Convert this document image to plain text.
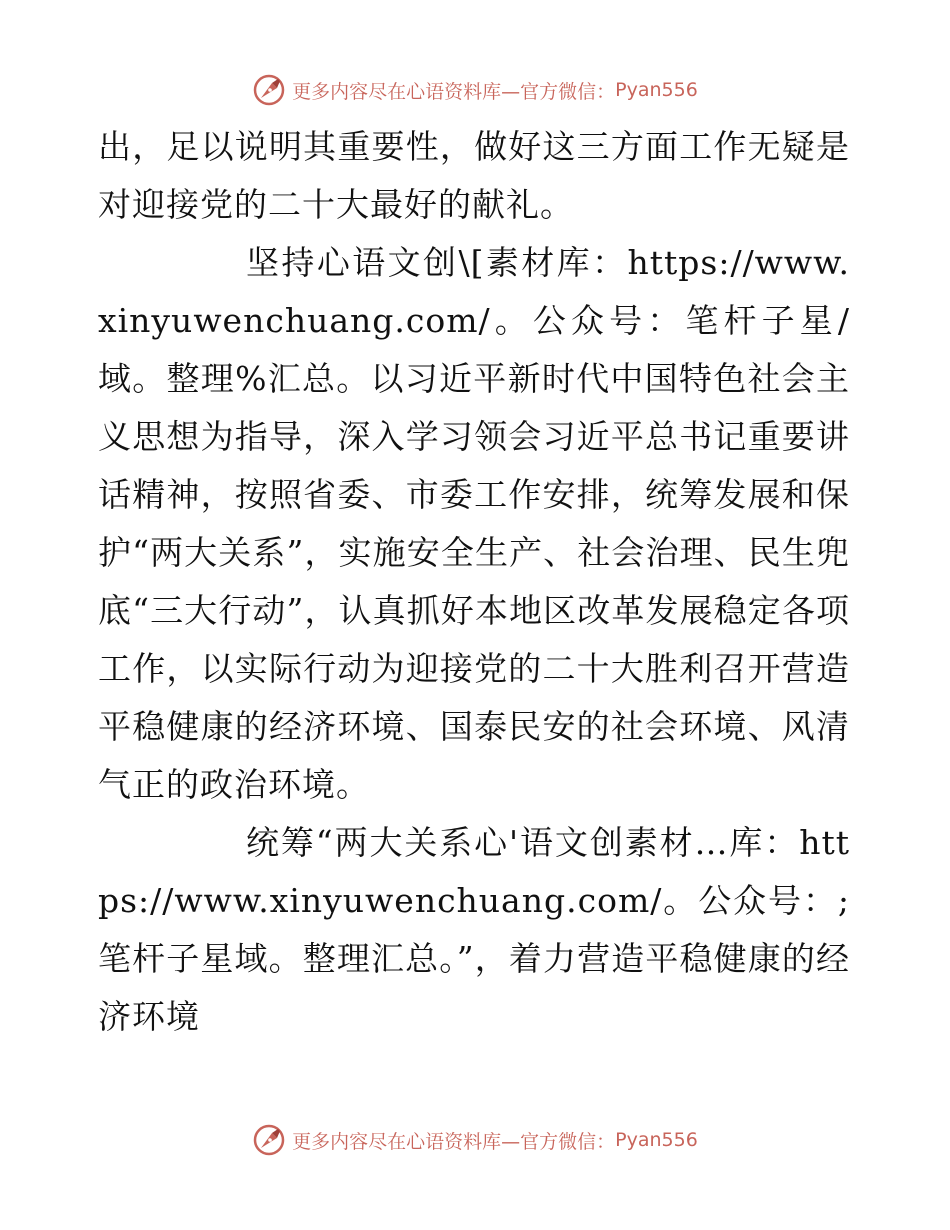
更多内容尽在心语资料库—官方微信： Pyan556

出，足以说明其重要性，做好这三方面工作无疑是对迎接党的二十大最好的献礼。

坚持心语文创\[素材库：https://www.xinyuwenchuang.com/。公众号：笔杆子星/域。整理%汇总。以习近平新时代中国特色社会主义思想为指导，深入学习领会习近平总书记重要讲话精神，按照省委、市委工作安排，统筹发展和保护“两大关系”，实施安全生产、社会治理、民生兜底“三大行动”，认真抓好本地区改革发展稳定各项工作，以实际行动为迎接党的二十大胜利召开营造平稳健康的经济环境、国泰民安的社会环境、风清气正的政治环境。

统筹“两大关系心'语文创素材…库：https://www.xinyuwenchuang.com/。公众号：;笔杆子星域。整理汇总。”，着力营造平稳健康的经济环境

更多内容尽在心语资料库—官方微信： Pyan556
